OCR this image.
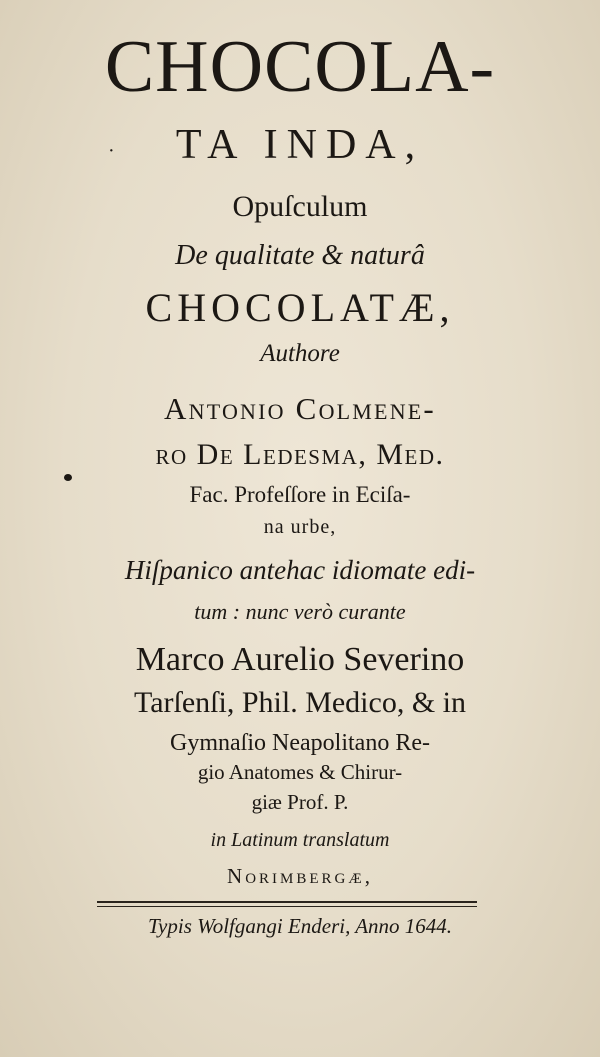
CHOCOLA-
·	TA INDA,
Opuſculum
De qualitate & naturâ
CHOCOLATÆ,
Authore
Antonio Colmene-
ro De Ledesma, Med.
Fac. Profeſſore in Eciſa-
na urbe,
Hiſpanico antehac idiomate edi-
tum : nunc verò curante
Marco Aurelio Severino
Tarſenſi, Phil. Medico, & in
Gymnaſio Neapolitano Re-
gio Anatomes & Chirur-
giæ Prof. P.
in Latinum translatum
Norimbergæ,
Typis Wolfgangi Enderi, Anno 1644.
